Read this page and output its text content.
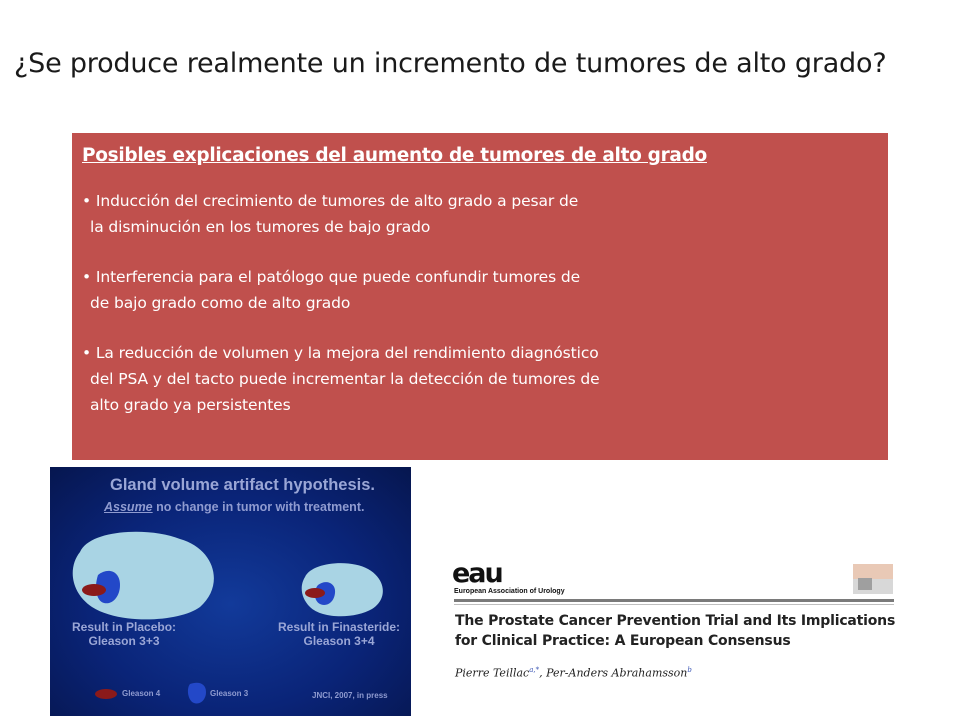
¿Se produce realmente un incremento de tumores de alto grado?
Posibles explicaciones del aumento de tumores de alto grado
• Inducción del crecimiento de tumores de alto grado a pesar de
la disminución en los tumores de bajo grado
• Interferencia para el patólogo que puede confundir tumores de
de bajo grado como de alto grado
• La reducción de volumen y la mejora del rendimiento diagnóstico
del PSA y del tacto puede incrementar la detección de tumores de
alto grado ya persistentes
Gland volume artifact hypothesis.
Assume no change in tumor with treatment.
Result in Placebo:
Gleason 3+3
Result in Finasteride:
Gleason 3+4
Gleason 4	Gleason 3	JNCI, 2007, in press
eau
European Association of Urology
The Prostate Cancer Prevention Trial and Its Implications
for Clinical Practice: A European Consensus
Pierre Teillac$^{a,*}$, Per-Anders Abrahamsson$^b$
